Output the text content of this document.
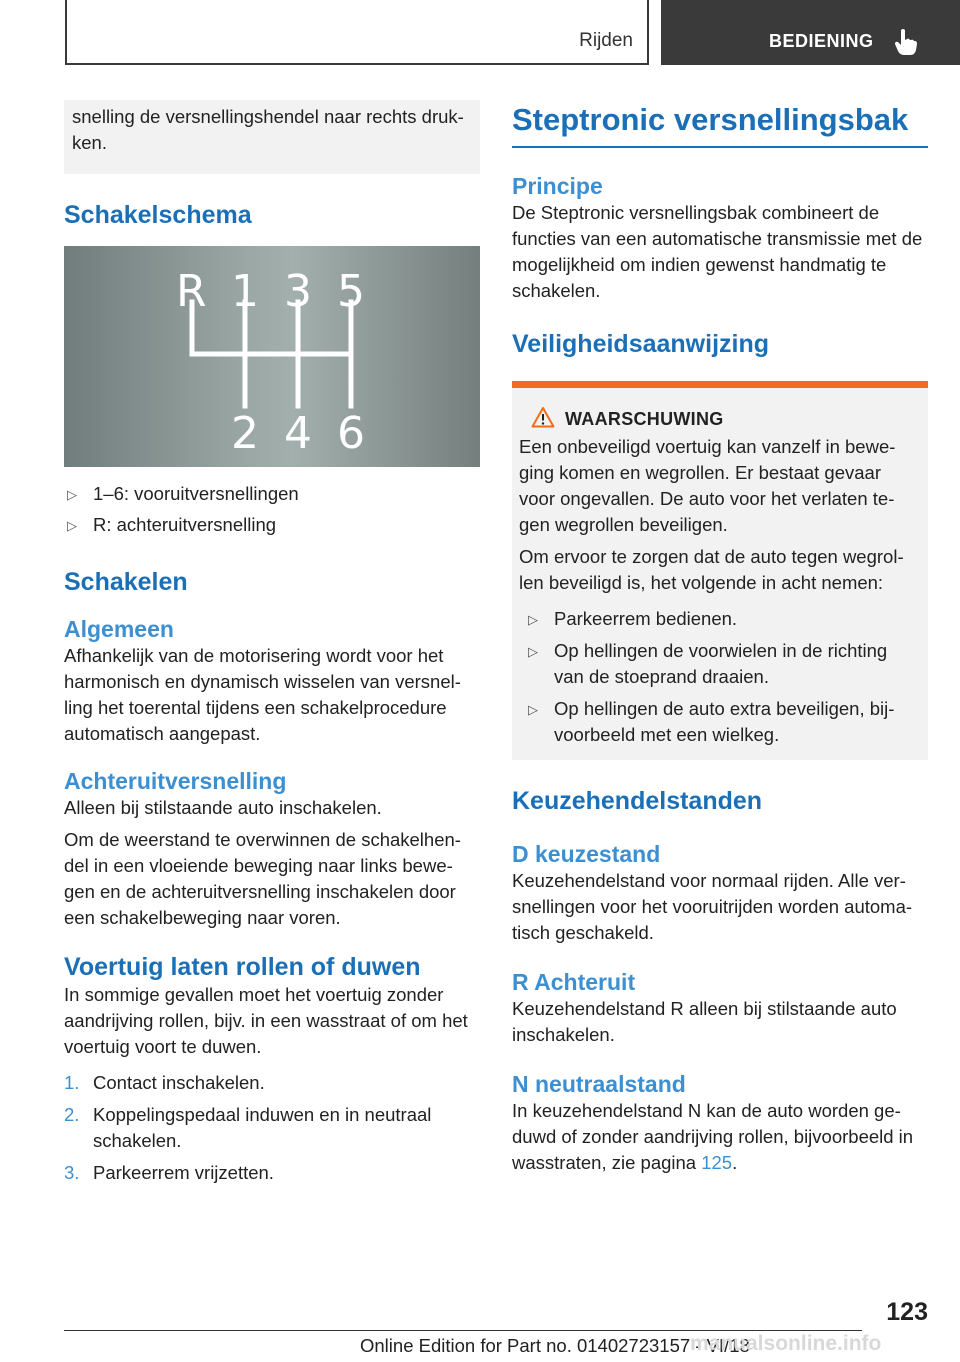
Rijden	BEDIENING
snelling de versnellingshendel naar rechts druk-ken.
Schakelschema
R 1 3 5
2 4 6
▷ 1–6: vooruitversnellingen
▷ R: achteruitversnelling
Schakelen
Algemeen

Afhankelijk van de motorisering wordt voor het harmonisch en dynamisch wisselen van versnel-ling het toerental tijdens een schakelprocedure automatisch aangepast.

Achteruitversnelling

Alleen bij stilstaande auto inschakelen.

Om de weerstand te overwinnen de schakelhen-del in een vloeiende beweging naar links bewe-gen en de achteruitversnelling inschakelen door een schakelbeweging naar voren.

Voertuig laten rollen of duwen

In sommige gevallen moet het voertuig zonder aandrijving rollen, bijv. in een wasstraat of om het voertuig voort te duwen.

1. Contact inschakelen.
2. Koppelingspedaal induwen en in neutraal schakelen.
3. Parkeerrem vrijzetten.
Steptronic versnellingsbak
Principe

De Steptronic versnellingsbak combineert de functies van een automatische transmissie met de mogelijkheid om indien gewenst handmatig te schakelen.

Veiligheidsaanwijzing
WAARSCHUWING

Een onbeveiligd voertuig kan vanzelf in bewe-ging komen en wegrollen. Er bestaat gevaar voor ongevallen. De auto voor het verlaten te-gen wegrollen beveiligen.

Om ervoor te zorgen dat de auto tegen wegrol-len beveiligd is, het volgende in acht nemen:

▷ Parkeerrem bedienen.
▷ Op hellingen de voorwielen in de richting van de stoeprand draaien.
▷ Op hellingen de auto extra beveiligen, bij-voorbeeld met een wielkeg.
Keuzehendelstanden
D keuzestand

Keuzehendelstand voor normaal rijden. Alle ver-snellingen voor het vooruitrijden worden automa-tisch geschakeld.

R Achteruit

Keuzehendelstand R alleen bij stilstaande auto inschakelen.

N neutraalstand

In keuzehendelstand N kan de auto worden ge-duwd of zonder aandrijving rollen, bijvoorbeeld in wasstraten, zie pagina 125.

123
Online Edition for Part no. 01402723157 - VI/18
manualsonline.info
